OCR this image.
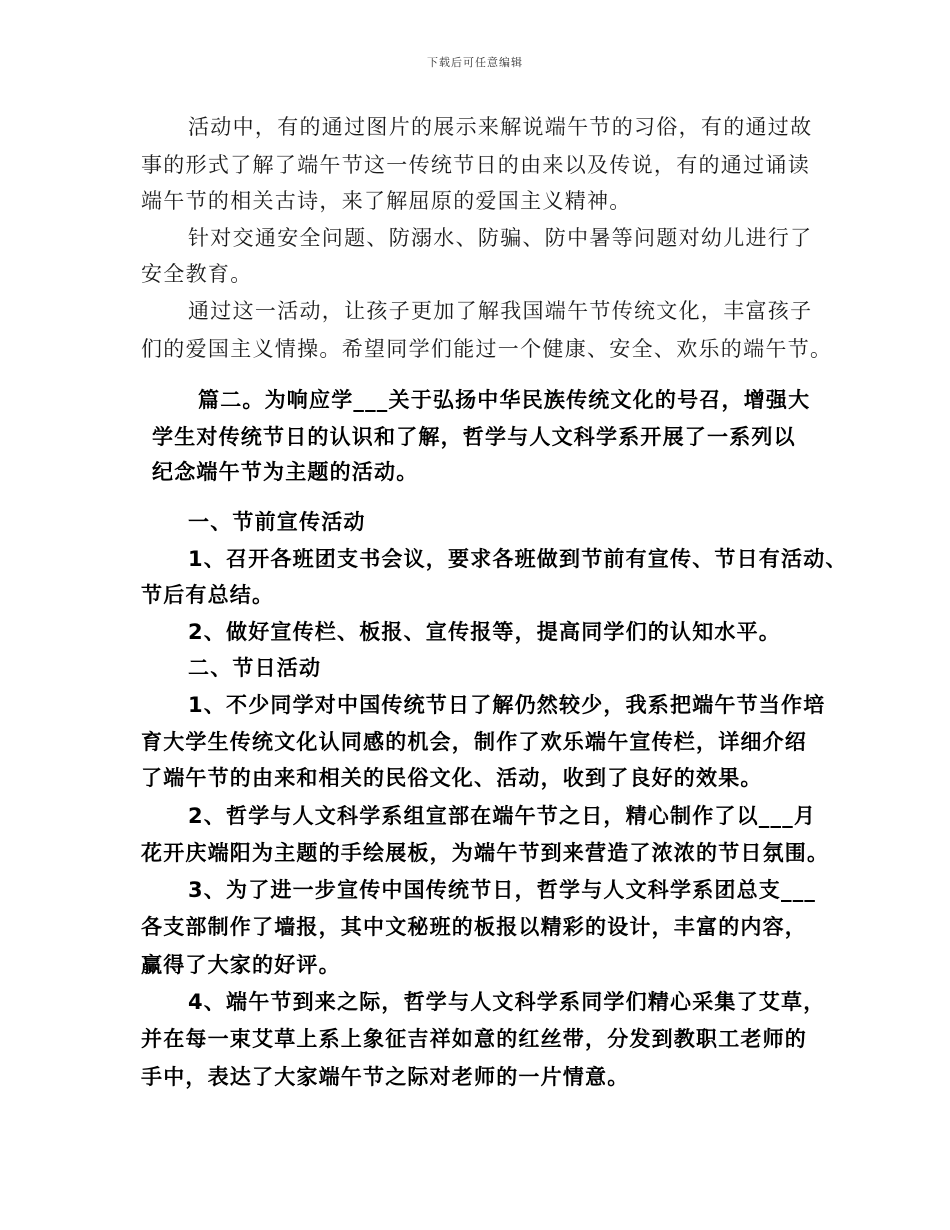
下载后可任意编辑
活动中，有的通过图片的展示来解说端午节的习俗，有的通过故
事的形式了解了端午节这一传统节日的由来以及传说，有的通过诵读
端午节的相关古诗，来了解屈原的爱国主义精神。
针对交通安全问题、防溺水、防骗、防中暑等问题对幼儿进行了
安全教育。
通过这一活动，让孩子更加了解我国端午节传统文化，丰富孩子
们的爱国主义情操。希望同学们能过一个健康、安全、欢乐的端午节。
篇二。为响应学___关于弘扬中华民族传统文化的号召，增强大
学生对传统节日的认识和了解，哲学与人文科学系开展了一系列以
纪念端午节为主题的活动。
一、节前宣传活动
1、召开各班团支书会议，要求各班做到节前有宣传、节日有活动、
节后有总结。
2、做好宣传栏、板报、宣传报等，提高同学们的认知水平。
二、节日活动
1、不少同学对中国传统节日了解仍然较少，我系把端午节当作培
育大学生传统文化认同感的机会，制作了欢乐端午宣传栏，详细介绍
了端午节的由来和相关的民俗文化、活动，收到了良好的效果。
2、哲学与人文科学系组宣部在端午节之日，精心制作了以___月
花开庆端阳为主题的手绘展板，为端午节到来营造了浓浓的节日氛围。
3、为了进一步宣传中国传统节日，哲学与人文科学系团总支___
各支部制作了墙报，其中文秘班的板报以精彩的设计，丰富的内容，
赢得了大家的好评。
4、端午节到来之际，哲学与人文科学系同学们精心采集了艾草，
并在每一束艾草上系上象征吉祥如意的红丝带，分发到教职工老师的
手中，表达了大家端午节之际对老师的一片情意。
